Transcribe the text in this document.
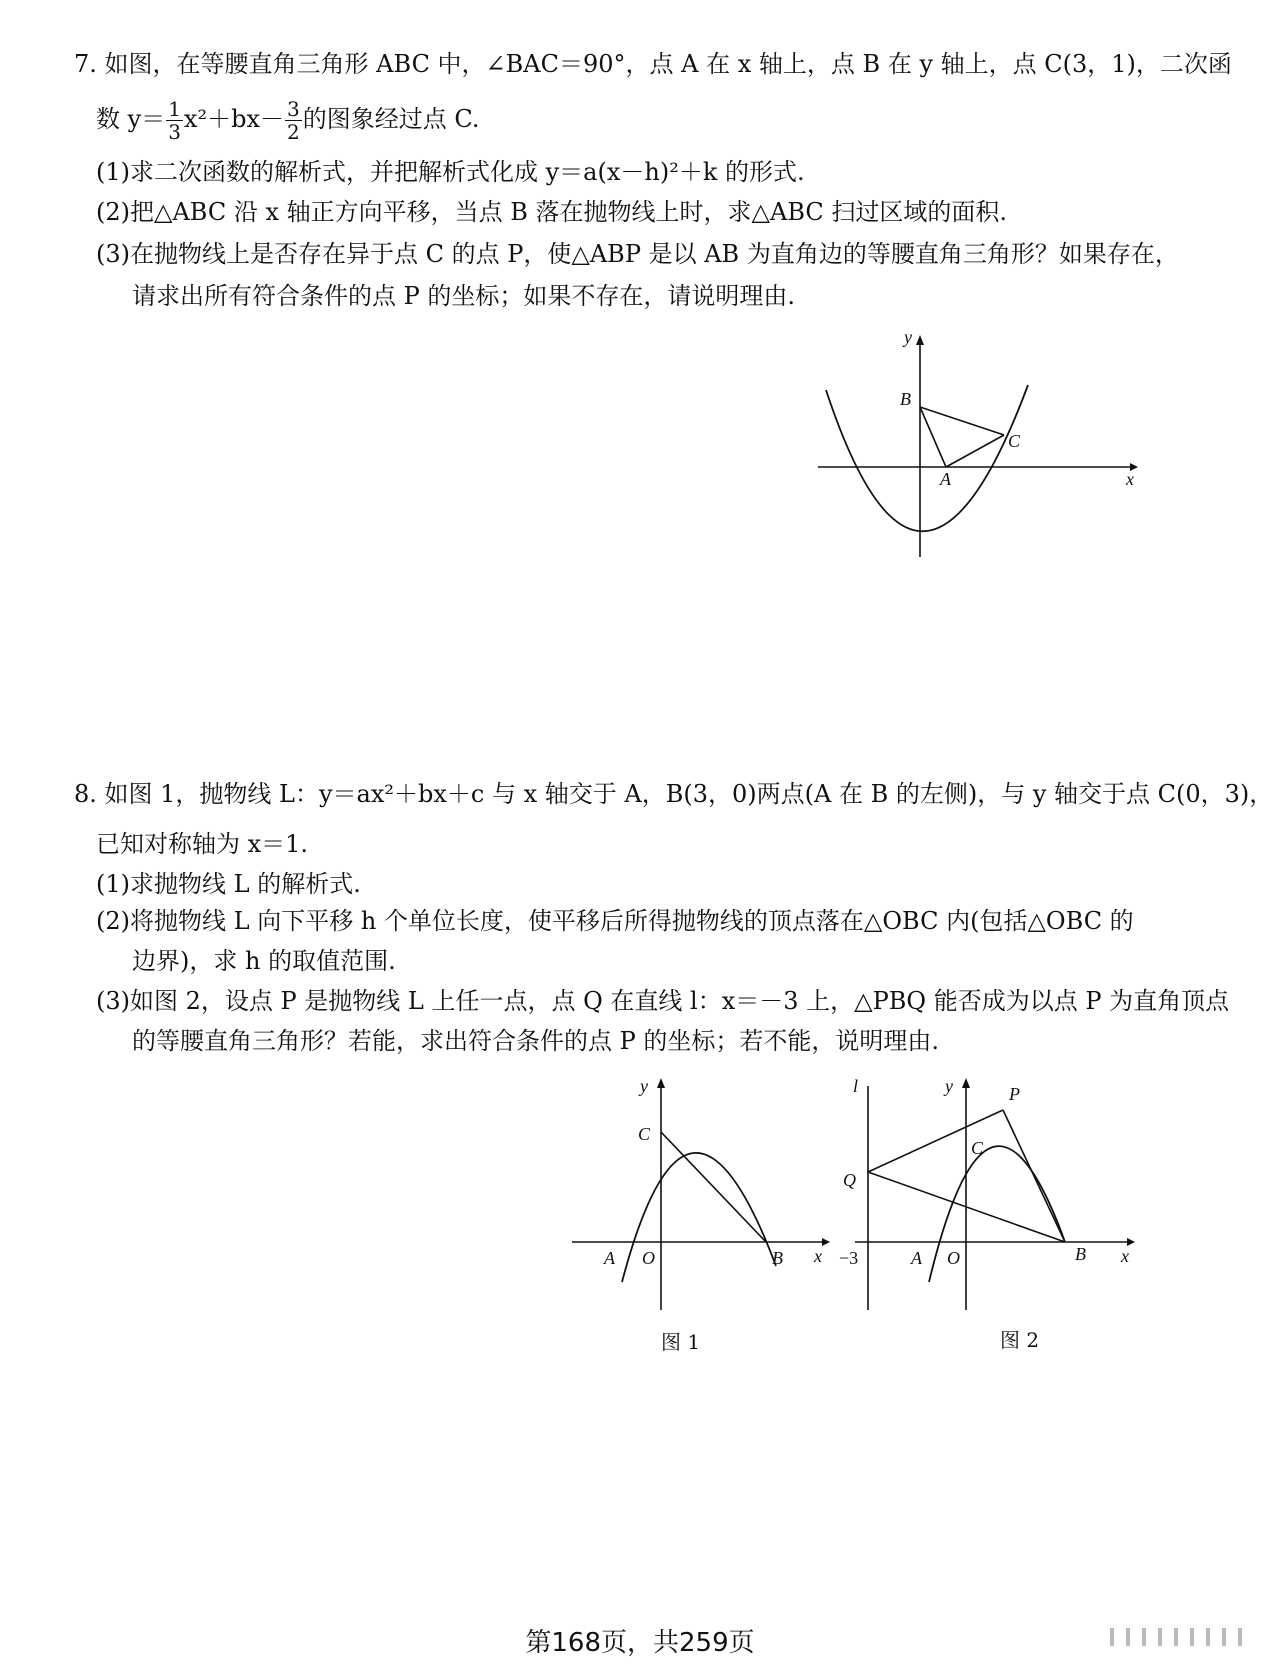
7. 如图，在等腰直角三角形 ABC 中，∠BAC＝90°，点 A 在 x 轴上，点 B 在 y 轴上，点 C(3，1)，二次函
数 $y= \frac{1}{3} x^2+bx- \frac{3}{2}$ 的图象经过点 C.
(1)求二次函数的解析式，并把解析式化成 y＝a(x－h)²＋k 的形式.
(2)把△ABC 沿 x 轴正方向平移，当点 B 落在抛物线上时，求△ABC 扫过区域的面积.
(3)在抛物线上是否存在异于点 C 的点 P，使△ABP 是以 AB 为直角边的等腰直角三角形？如果存在，
请求出所有符合条件的点 P 的坐标；如果不存在，请说明理由.
y
x
B
C
A
8. 如图 1，抛物线 L：y＝ax²＋bx＋c 与 x 轴交于 A，B(3，0)两点(A 在 B 的左侧)，与 y 轴交于点 C(0，3)，
已知对称轴为 x＝1.
(1)求抛物线 L 的解析式.
(2)将抛物线 L 向下平移 h 个单位长度，使平移后所得抛物线的顶点落在△OBC 内(包括△OBC 的
边界)，求 h 的取值范围.
(3)如图 2，设点 P 是抛物线 L 上任一点，点 Q 在直线 l：x＝－3 上，△PBQ 能否成为以点 P 为直角顶点
的等腰直角三角形？若能，求出符合条件的点 P 的坐标；若不能，说明理由.
y
C
A O	B x
图 1
l	y	P
C
Q
−3	A O	B x
图 2
第168页，共259页
